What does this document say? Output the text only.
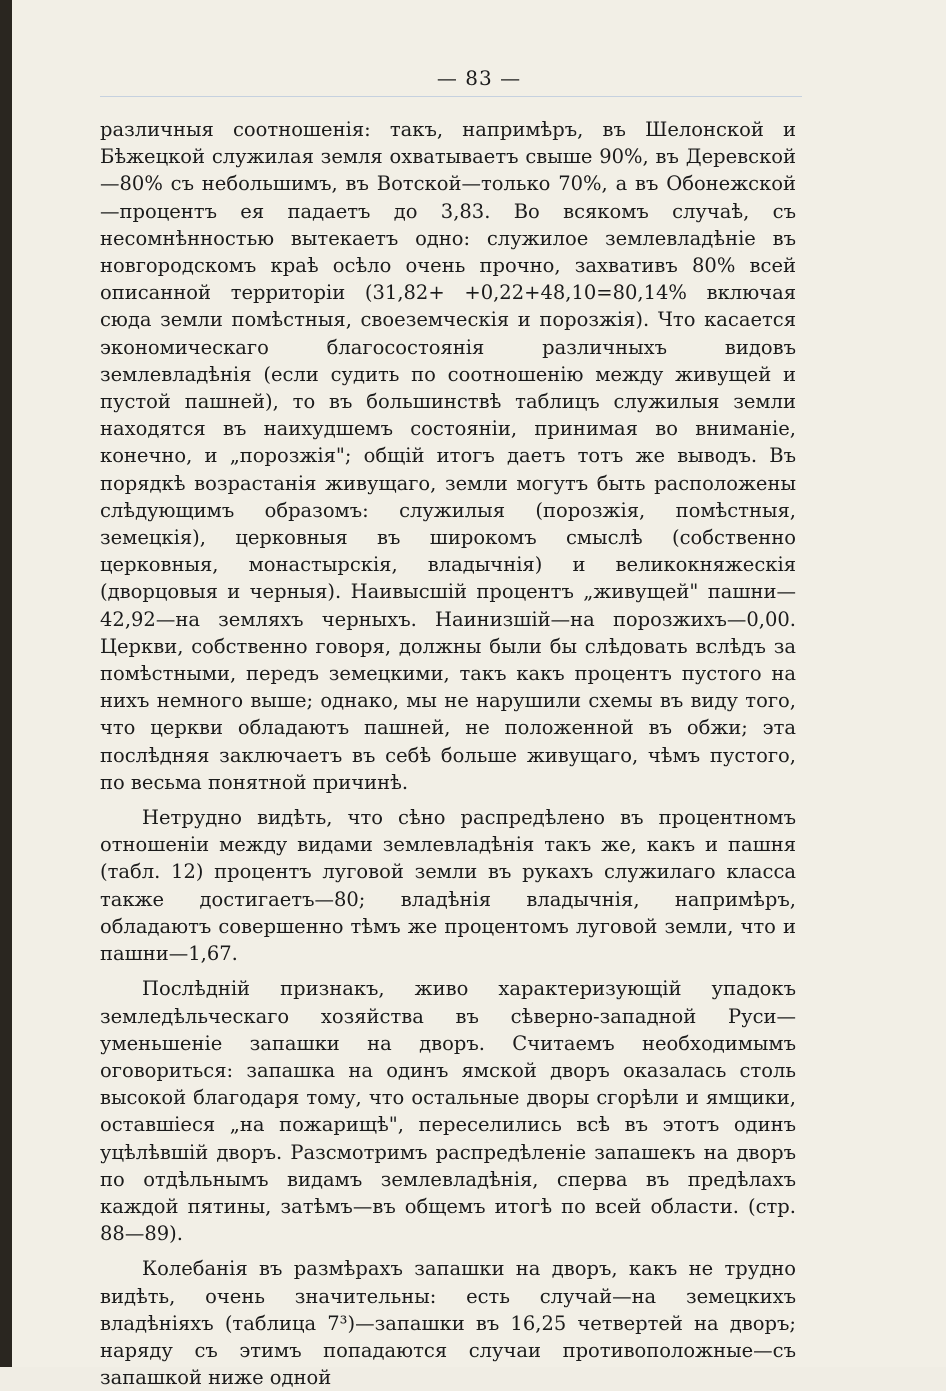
— 83 —

различныя соотношенія: такъ, напримѣръ, въ Шелонской и Бѣжецкой служилая земля охватываетъ свыше 90%, въ Деревской—80% съ небольшимъ, въ Вотской—только 70%, а въ Обонежской—процентъ ея падаетъ до 3,83. Во всякомъ случаѣ, съ несомнѣнностью вытекаетъ одно: служилое землевладѣніе въ новгородскомъ краѣ осѣло очень прочно, захвативъ 80% всей описанной территоріи (31,82+ +0,22+48,10=80,14% включая сюда земли помѣстныя, своеземческія и порозжія). Что касается экономическаго благосостоянія различныхъ видовъ землевладѣнія (если судить по соотношенію между живущей и пустой пашней), то въ большинствѣ таблицъ служилыя земли находятся въ наихудшемъ состояніи, принимая во вниманіе, конечно, и „порозжія"; общій итогъ даетъ тотъ же выводъ. Въ порядкѣ возрастанія живущаго, земли могутъ быть расположены слѣдующимъ образомъ: служилыя (порозжія, помѣстныя, земецкія), церковныя въ широкомъ смыслѣ (собственно церковныя, монастырскія, владычнія) и великокняжескія (дворцовыя и черныя). Наивысшій процентъ „живущей" пашни—42,92—на земляхъ черныхъ. Наинизшій—на порозжихъ—0,00. Церкви, собственно говоря, должны были бы слѣдовать вслѣдъ за помѣстными, передъ земецкими, такъ какъ процентъ пустого на нихъ немного выше; однако, мы не нарушили схемы въ виду того, что церкви обладаютъ пашней, не положенной въ обжи; эта послѣдняя заключаетъ въ себѣ больше живущаго, чѣмъ пустого, по весьма понятной причинѣ.

Нетрудно видѣть, что сѣно распредѣлено въ процентномъ отношеніи между видами землевладѣнія такъ же, какъ и пашня (табл. 12) процентъ луговой земли въ рукахъ служилаго класса также достигаетъ—80; владѣнія владычнія, напримѣръ, обладаютъ совершенно тѣмъ же процентомъ луговой земли, что и пашни—1,67.

Послѣдній признакъ, живо характеризующій упадокъ земледѣльческаго хозяйства въ сѣверно-западной Руси—уменьшеніе запашки на дворъ. Считаемъ необходимымъ оговориться: запашка на одинъ ямской дворъ оказалась столь высокой благодаря тому, что остальные дворы сгорѣли и ямщики, оставшіеся „на пожарищѣ", переселились всѣ въ этотъ одинъ уцѣлѣвшій дворъ. Разсмотримъ распредѣленіе запашекъ на дворъ по отдѣльнымъ видамъ землевладѣнія, сперва въ предѣлахъ каждой пятины, затѣмъ—въ общемъ итогѣ по всей области. (стр. 88—89).

Колебанія въ размѣрахъ запашки на дворъ, какъ не трудно видѣть, очень значительны: есть случай—на земецкихъ владѣніяхъ (таблица 7³)—запашки въ 16,25 четвертей на дворъ; наряду съ этимъ попадаются случаи противоположные—съ запашкой ниже одной
